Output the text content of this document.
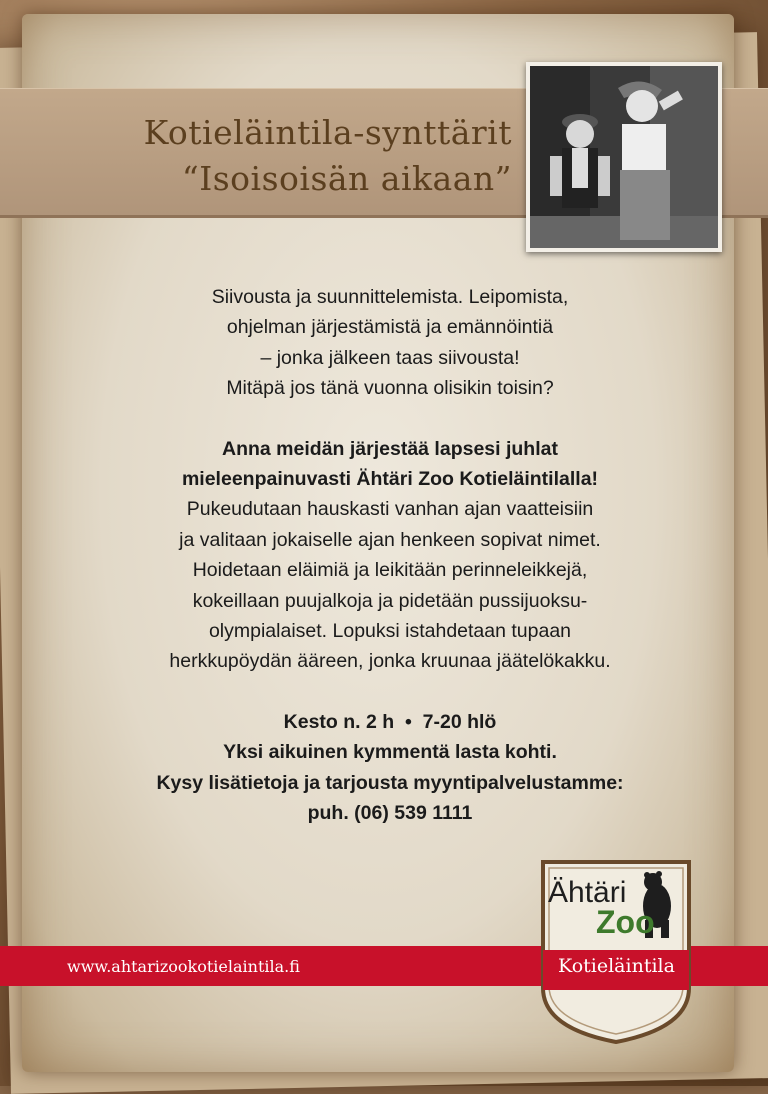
Kotieläintila-synttärit
“Isoisoisän aikaan”

Siivousta ja suunnittelemista. Leipomista,

ohjelman järjestämistä ja emännöintiä

– jonka jälkeen taas siivousta!

Mitäpä jos tänä vuonna olisikin toisin?

Anna meidän järjestää lapsesi juhlat

mieleenpainuvasti Ähtäri Zoo Kotieläintilalla!

Pukeudutaan hauskasti vanhan ajan vaatteisiin

ja valitaan jokaiselle ajan henkeen sopivat nimet.

Hoidetaan eläimiä ja leikitään perinneleikkejä,

kokeillaan puujalkoja ja pidetään pussijuoksu-

olympialaiset. Lopuksi istahdetaan tupaan

herkkupöydän ääreen, jonka kruunaa jäätelökakku.

Kesto n. 2 h  •  7-20 hlö

Yksi aikuinen kymmentä lasta kohti.

Kysy lisätietoja ja tarjousta myyntipalvelustamme:

puh. (06) 539 1111

www.ahtarizookotielaintila.fi
Ähtäri
Zoo
Kotieläintila
